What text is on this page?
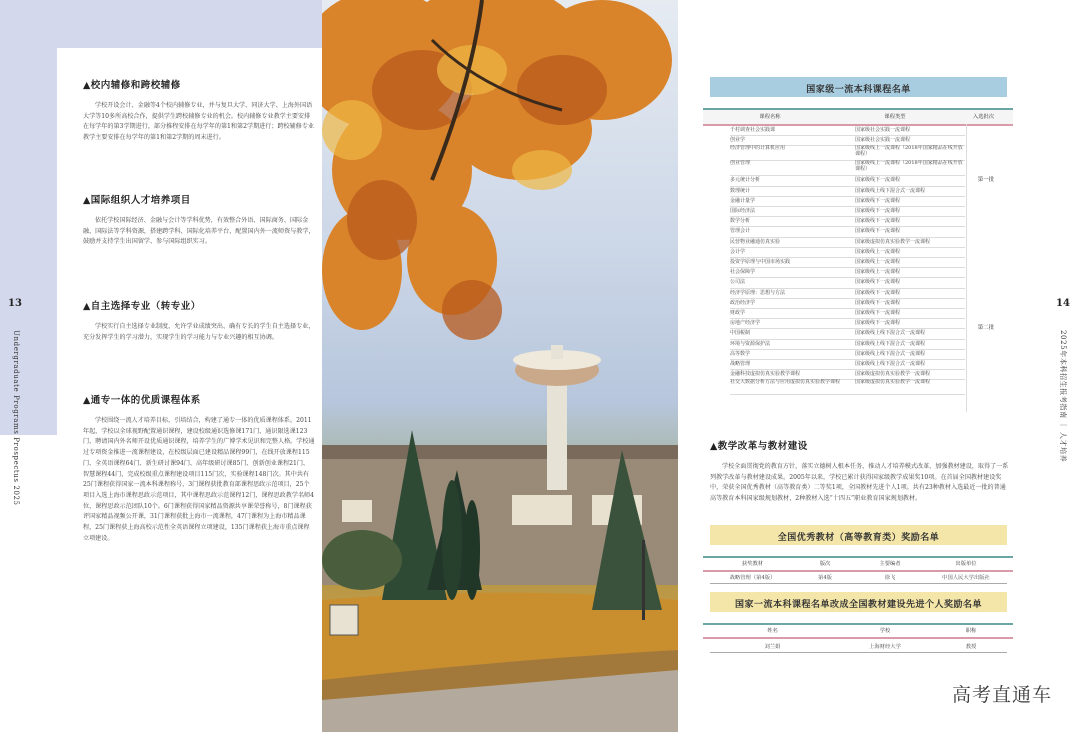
▲校内辅修和跨校辅修

学校开设会计、金融等4个校内辅修专业，并与复旦大学、同济大学、上海外国语大学等10多所高校合作，提供学生跨校辅修专业的机会。校内辅修专业教学主要安排在每学年的第3学期进行，部分推程安排在每学年的第1和第2学期进行；跨校辅修专业教学主要安排在每学年的第1和第2学期的周末进行。

▲国际组织人才培养项目

依托学校国际经济、金融与会计等学科优势，有效整合外语、国际商务、国际金融、国际法等学科资源，搭建跨学科、国际化培养平台，配置国内外一流师资与教学，鼓励并支持学生出国留学、参与国际组织实习。

▲自主选择专业（转专业）

学校实行自主选择专业制度，允许学业成绩突出、确有专长的学生自主选择专业，充分发挥学生的学习潜力，实现学生的学习能力与专业兴趣的相互协调。

▲通专一体的优质课程体系

学校围绕一流人才培养目标，引培结合，构建了通专一体的优质课程体系。2011年起，学校以全球视野配置通识课程，建设校级通识选修课171门、通识限选课123门，聘请国内外名师开设优质通识课程，培养学生的广博学术见识和完整人格。学校通过专项资金推进一流课程建设，在校级层面已建设精品课程99门，在线开放课程115门、全英语课程64门、新生研讨课94门、高年级研讨课85门、创新创业课程21门、智慧课程44门，完成校级重点课程建设项目115门次，实验课程148门次。其中共有25门课程获得国家一流本科课程称号，3门课程获批教育部课程思政示范项目，25个项目入选上海市课程思政示范项目，其中课程思政示范课程12门，课程思政教学名师4位，课程思政示范团队10个。6门课程获得国家精品资源共享课荣誉称号，8门课程获评国家精品视频公开课，31门课程获批上海市一流课程，47门课程为上海市精品课程，25门课程获上海高校示范性全英语课程立项建设，135门课程获上海市重点课程立项建设。

13
Undergraduate Programs Prospectus 2025
14
2025年本科招生报考指南 ｜ 人才培养
国家级一流本科课程名单
课程名称	课程类型	入选批次
千村调查社会实践课	国家级社会实践一流课程
创业学	国家级社会实践一流课程
经济管理中的计算机应用	国家级线上一流课程（2018年国家精品在线开放课程）
创业管理	国家级线上一流课程（2018年国家精品在线开放课程）
多元统计分析	国家级线下一流课程
数理统计	国家级线上线下混合式一流课程
金融计量学	国家级线下一流课程
国际经济法	国家级线下一流课程
数学分析	国家级线下一流课程
管理会计	国家级线下一流课程
民营物业融通仿真实验	国家级虚拟仿真实验教学一流课程
会计学	国家级线上一流课程
投资学原理与中国市场实践	国家级线上一流课程
社会保障学	国家级线上一流课程
公司法	国家级线下一流课程
经济学原理：思想与方法	国家级线下一流课程
政治经济学	国家级线下一流课程
财政学	国家级线下一流课程
房地产经济学	国家级线下一流课程
中国税制	国家级线上线下混合式一流课程
环境与资源保护法	国家级线上线下混合式一流课程
高等数学	国家级线上线下混合式一流课程
战略管理	国家级线上线下混合式一流课程
金融科技虚拟仿真实验教学课程	国家级虚拟仿真实验教学一流课程
社交大数据分析方法与应用虚拟仿真实验教学课程	国家级虚拟仿真实验教学一流课程
第一批
第二批
▲教学改革与教材建设

学校全面贯彻党的教育方针，落实立德树人根本任务，推动人才培养模式改革，加强教材建设，取得了一系列教学改革与教材建设成果。2005年以来，学校已累计获得国家级教学成果奖10项。在首届全国教材建设奖中，荣获全国优秀教材（高等教育类）二等奖1项，全国教材先进个人1项。共有23种教材入选最近一批的普通高等教育本科国家级规划教材，2种教材入选“十四五”职业教育国家规划教材。

全国优秀教材（高等教育类）奖励名单
获奖教材	版次	主要编者	出版单位
战略管理（第4版）	第4版	徐飞	中国人民大学出版社
国家一流本科课程名单改成全国教材建设先进个人奖励名单
姓名	学校	职称
刘兰娟	上海财经大学	教授
高考直通车
